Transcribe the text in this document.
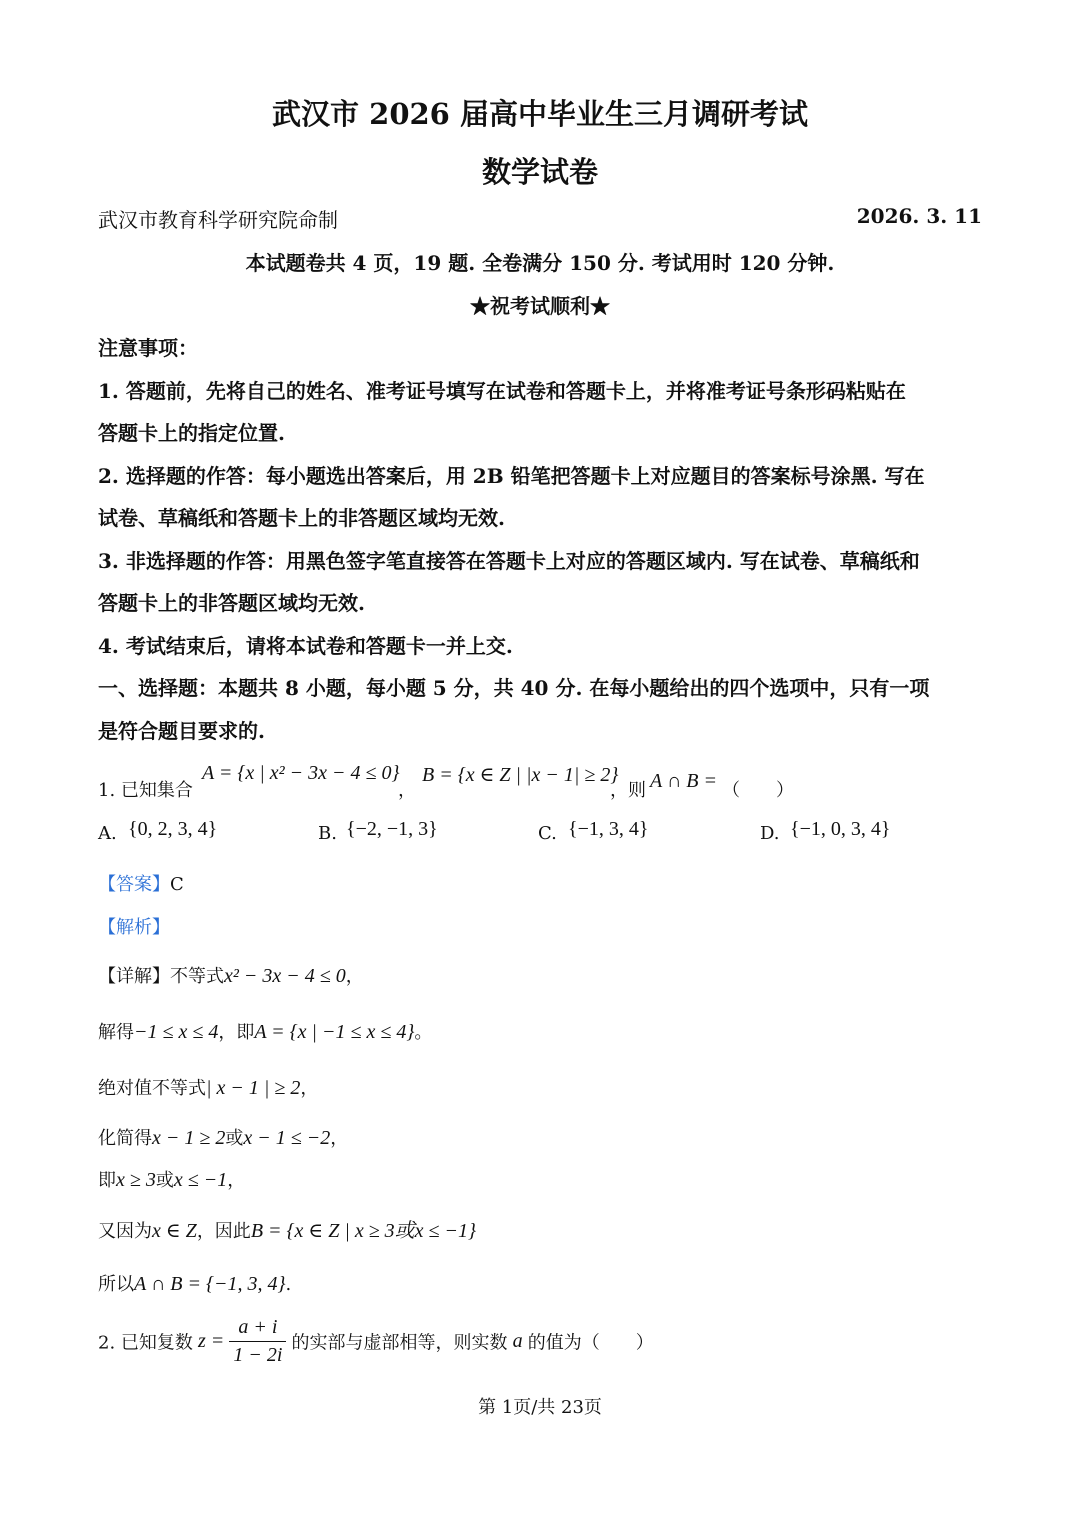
武汉市 2026 届高中毕业生三月调研考试
数学试卷
武汉市教育科学研究院命制	2026. 3. 11
本试题卷共 4 页，19 题. 全卷满分 150 分. 考试用时 120 分钟.
★祝考试顺利★
注意事项：
1. 答题前，先将自己的姓名、准考证号填写在试卷和答题卡上，并将准考证号条形码粘贴在
答题卡上的指定位置.
2. 选择题的作答：每小题选出答案后，用 2B 铅笔把答题卡上对应题目的答案标号涂黑. 写在
试卷、草稿纸和答题卡上的非答题区域均无效.
3. 非选择题的作答：用黑色签字笔直接答在答题卡上对应的答题区域内. 写在试卷、草稿纸和
答题卡上的非答题区域均无效.
4. 考试结束后，请将本试卷和答题卡一并上交.
一、选择题：本题共 8 小题，每小题 5 分，共 40 分. 在每小题给出的四个选项中，只有一项
是符合题目要求的.
1. 已知集合
A = {x | x² − 3x − 4 ≤ 0}
，
B = {x ∈ Z | |x − 1| ≥ 2}
，则 A ∩ B = （　　）
A. {0, 2, 3, 4}	B. {−2, −1, 3}	C. {−1, 3, 4}	D. {−1, 0, 3, 4}
【答案】C
【解析】
【详解】不等式x² − 3x − 4 ≤ 0，
解得−1 ≤ x ≤ 4，即A = {x | −1 ≤ x ≤ 4}。
绝对值不等式| x − 1 | ≥ 2，
化简得x − 1 ≥ 2或x − 1 ≤ −2，
即x ≥ 3或x ≤ −1，
又因为x ∈ Z，因此B = {x ∈ Z | x ≥ 3或x ≤ −1}
所以A ∩ B = {−1, 3, 4}.
2. 已知复数 $z = \frac{a + i}{1 - 2i}$ 的实部与虚部相等，则实数 a 的值为（　　）
第 1页/共 23页
